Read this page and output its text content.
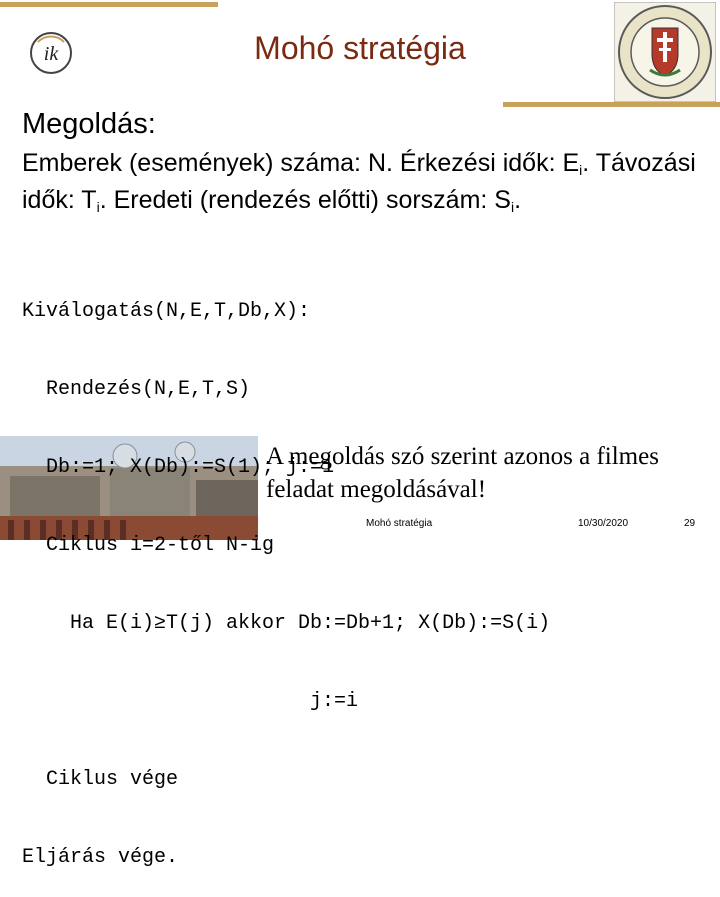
ik	Mohó stratégia
Megoldás:
Emberek (események) száma: N. Érkezési idők: $E_i$. Távozási idők: $T_i$. Eredeti (rendezés előtti) sorszám: $S_i$.

Kiválogatás(N,E,T,Db,X):

Rendezés(N,E,T,S)

Db:=1; X(Db):=S(1); j:=1

Ciklus i=2-től N-ig

Ha E(i)≥T(j) akkor Db:=Db+1; X(Db):=S(i)

j:=i

Ciklus vége

Eljárás vége.

A megoldás szó szerint azonos a filmes feladat megoldásával!
Mohó stratégia	10/30/2020	29
